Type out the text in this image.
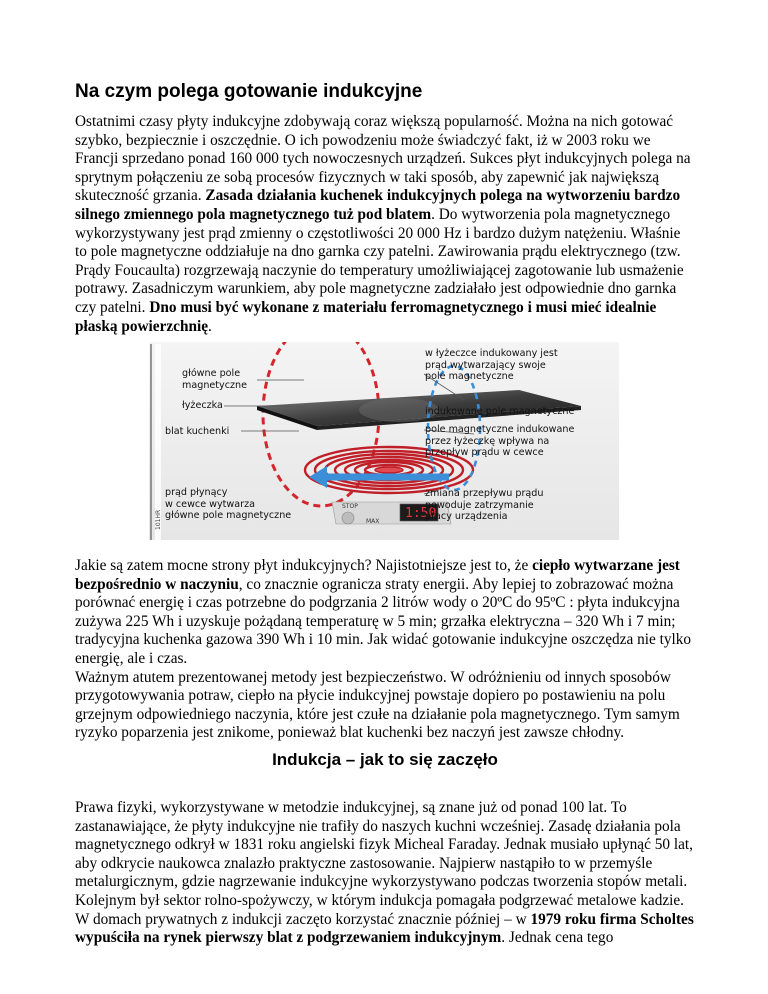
Na czym polega gotowanie indukcyjne

Ostatnimi czasy płyty indukcyjne zdobywają coraz większą popularność. Można na nich gotować szybko, bezpiecznie i oszczędnie. O ich powodzeniu może świadczyć fakt, iż w 2003 roku we Francji sprzedano ponad 160 000 tych nowoczesnych urządzeń. Sukces płyt indukcyjnych polega na sprytnym połączeniu ze sobą procesów fizycznych w taki sposób, aby zapewnić jak największą skuteczność grzania. Zasada działania kuchenek indukcyjnych polega na wytworzeniu bardzo silnego zmiennego pola magnetycznego tuż pod blatem. Do wytworzenia pola magnetycznego wykorzystywany jest prąd zmienny o częstotliwości 20 000 Hz i bardzo dużym natężeniu. Właśnie to pole magnetyczne oddziałuje na dno garnka czy patelni. Zawirowania prądu elektrycznego (tzw. Prądy Foucaulta) rozgrzewają naczynie do temperatury umożliwiającej zagotowanie lub usmażenie potrawy. Zasadniczym warunkiem, aby pole magnetyczne zadziałało jest odpowiednie dno garnka czy patelni. Dno musi być wykonane z materiału ferromagnetycznego i musi mieć idealnie płaską powierzchnię.

Jakie są zatem mocne strony płyt indukcyjnych? Najistotniejsze jest to, że ciepło wytwarzane jest bezpośrednio w naczyniu, co znacznie ogranicza straty energii. Aby lepiej to zobrazować można porównać energię i czas potrzebne do podgrzania 2 litrów wody o 20ºC do 95ºC : płyta indukcyjna zużywa 225 Wh i uzyskuje pożądaną temperaturę w 5 min; grzałka elektryczna – 320 Wh i 7 min; tradycyjna kuchenka gazowa 390 Wh i 10 min. Jak widać gotowanie indukcyjne oszczędza nie tylko energię, ale i czas.
Ważnym atutem prezentowanej metody jest bezpieczeństwo. W odróżnieniu od innych sposobów przygotowywania potraw, ciepło na płycie indukcyjnej powstaje dopiero po postawieniu na polu grzejnym odpowiedniego naczynia, które jest czułe na działanie pola magnetycznego. Tym samym ryzyko poparzenia jest znikome, ponieważ blat kuchenki bez naczyń jest zawsze chłodny.

Indukcja – jak to się zaczęło

Prawa fizyki, wykorzystywane w metodzie indukcyjnej, są znane już od ponad 100 lat. To zastanawiające, że płyty indukcyjne nie trafiły do naszych kuchni wcześniej. Zasadę działania pola magnetycznego odkrył w 1831 roku angielski fizyk Micheal Faraday. Jednak musiało upłynąć 50 lat, aby odkrycie naukowca znalazło praktyczne zastosowanie. Najpierw nastąpiło to w przemyśle metalurgicznym, gdzie nagrzewanie indukcyjne wykorzystywano podczas tworzenia stopów metali. Kolejnym był sektor rolno-spożywczy, w którym indukcja pomagała podgrzewać metalowe kadzie. W domach prywatnych z indukcji zaczęto korzystać znacznie później – w 1979 roku firma Scholtes wypuściła na rynek pierwszy blat z podgrzewaniem indukcyjnym. Jednak cena tego

101HR
STOP
MAX
1:50
główne pole
magnetyczne
łyżeczka
blat kuchenki
prąd płynący
w cewce wytwarza
główne pole magnetyczne
w łyżeczce indukowany jest
prąd wytwarzający swoje
pole magnetyczne
indukowane pole magnetyczne
pole magnetyczne indukowane
przez łyżeczkę wpływa na
przepływ prądu w cewce
zmiana przepływu prądu
powoduje zatrzymanie
pracy urządzenia
